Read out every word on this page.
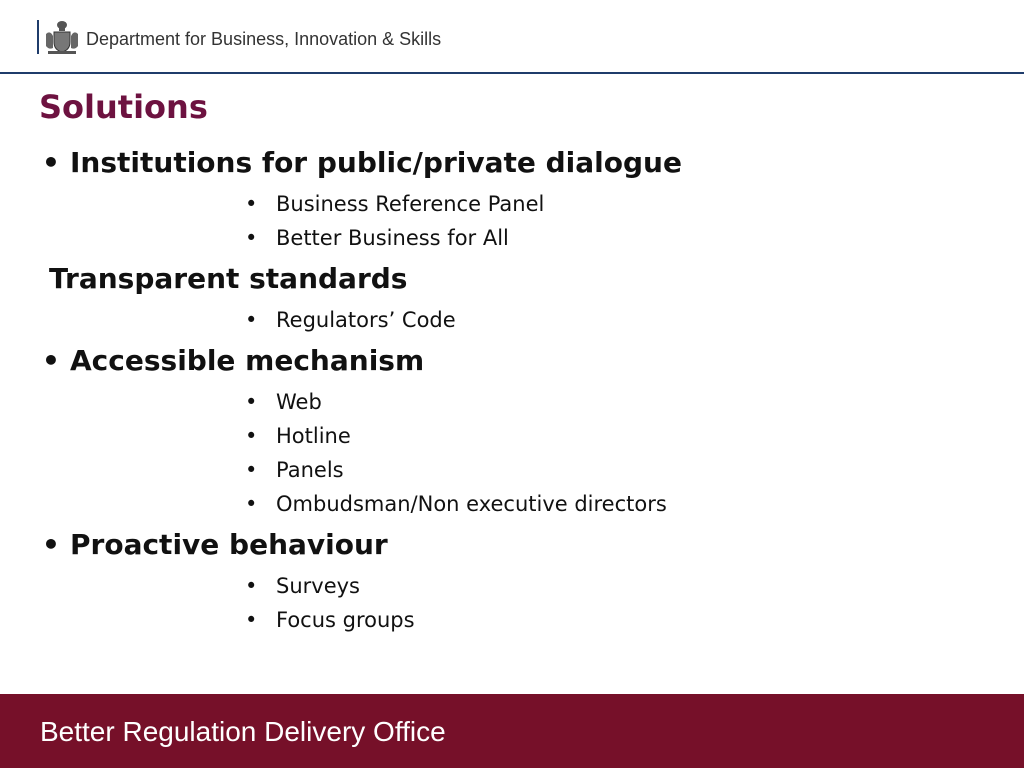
Department for Business, Innovation & Skills
Solutions
• Institutions for public/private dialogue
• Business Reference Panel
• Better Business for All
Transparent standards
• Regulators’ Code
• Accessible mechanism
• Web
• Hotline
• Panels
• Ombudsman/Non executive directors
• Proactive behaviour
• Surveys
• Focus groups
Better Regulation Delivery Office
